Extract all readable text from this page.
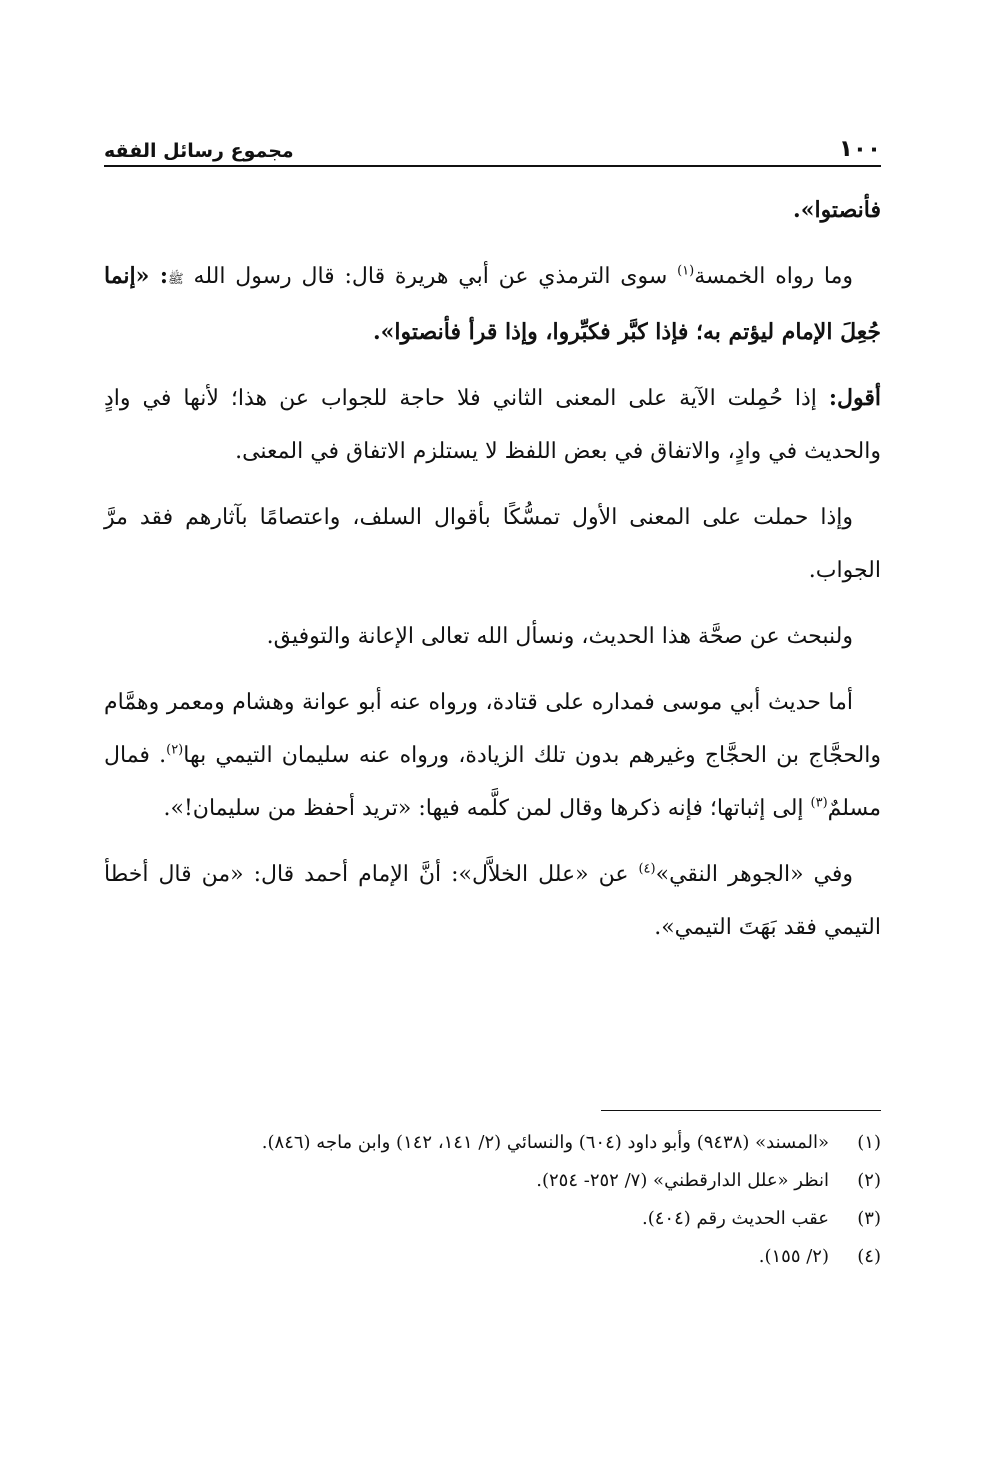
١٠٠
مجموع رسائل الفقه

فأنصتوا».

وما رواه الخمسة$^{(١)}$ سوى الترمذي عن أبي هريرة قال: قال رسول الله ﷺ: «إنما جُعِلَ الإمام ليؤتم به؛ فإذا كبَّر فكبِّروا، وإذا قرأ فأنصتوا».

أقول: إذا حُمِلت الآية على المعنى الثاني فلا حاجة للجواب عن هذا؛ لأنها في وادٍ والحديث في وادٍ، والاتفاق في بعض اللفظ لا يستلزم الاتفاق في المعنى.

وإذا حملت على المعنى الأول تمسُّكًا بأقوال السلف، واعتصامًا بآثارهم فقد مرَّ الجواب.

ولنبحث عن صحَّة هذا الحديث، ونسأل الله تعالى الإعانة والتوفيق.

أما حديث أبي موسى فمداره على قتادة، ورواه عنه أبو عوانة وهشام ومعمر وهمَّام والحجَّاج بن الحجَّاج وغيرهم بدون تلك الزيادة، ورواه عنه سليمان التيمي بها$^{(٢)}$. فمال مسلمٌ$^{(٣)}$ إلى إثباتها؛ فإنه ذكرها وقال لمن كلَّمه فيها: «تريد أحفظ من سليمان!».

وفي «الجوهر النقي»$^{(٤)}$ عن «علل الخلاَّل»: أنَّ الإمام أحمد قال: «من قال أخطأ التيمي فقد بَهَتَ التيمي».

(١)
«المسند» (٩٤٣٨) وأبو داود (٦٠٤) والنسائي (٢/ ١٤١، ١٤٢) وابن ماجه (٨٤٦).

(٢)
انظر «علل الدارقطني» (٧/ ٢٥٢- ٢٥٤).

(٣)
عقب الحديث رقم (٤٠٤).

(٤)
(٢/ ١٥٥).
